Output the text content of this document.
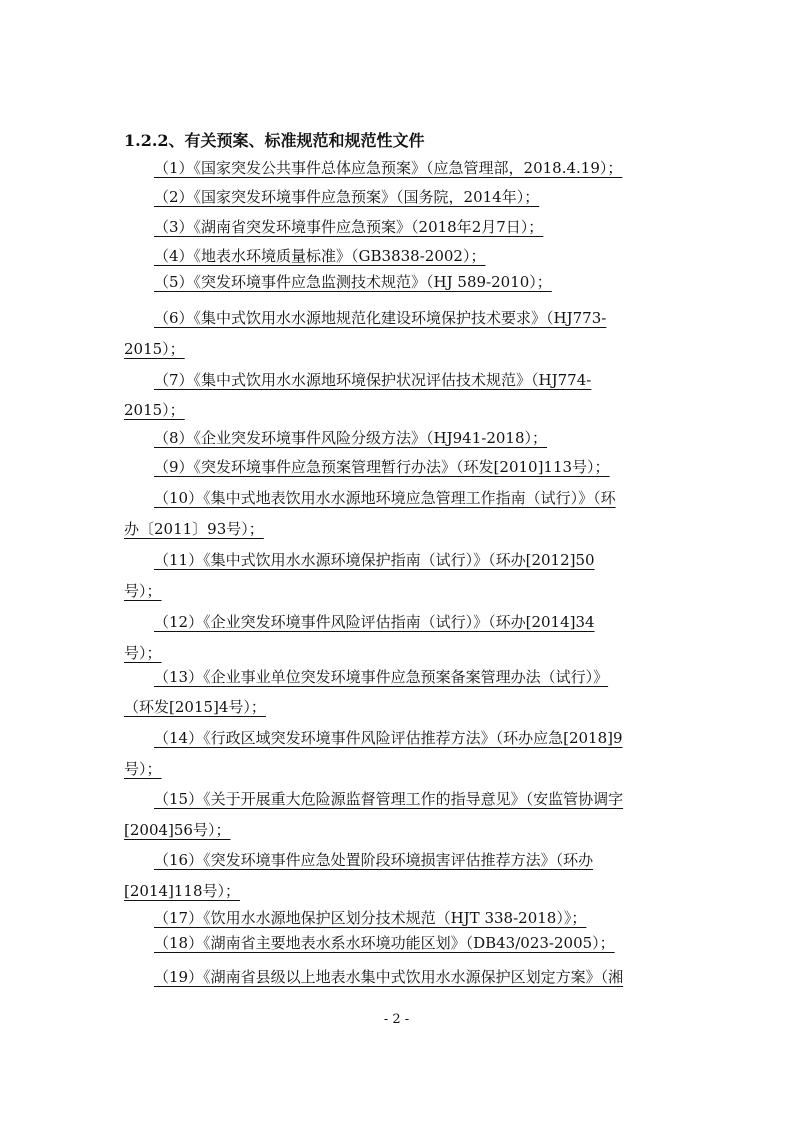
1.2.2、有关预案、标准规范和规范性文件
（1）《国家突发公共事件总体应急预案》（应急管理部，2018.4.19）；
（2）《国家突发环境事件应急预案》（国务院，2014年）；
（3）《湖南省突发环境事件应急预案》（2018年2月7日）；
（4）《地表水环境质量标准》（GB3838-2002）；
（5）《突发环境事件应急监测技术规范》（HJ 589-2010）；
（6）《集中式饮用水水源地规范化建设环境保护技术要求》（HJ773-
2015）；
（7）《集中式饮用水水源地环境保护状况评估技术规范》（HJ774-
2015）；
（8）《企业突发环境事件风险分级方法》（HJ941-2018）；
（9）《突发环境事件应急预案管理暂行办法》（环发[2010]113号）；
（10）《集中式地表饮用水水源地环境应急管理工作指南（试行）》（环
办〔2011〕93号）；
（11）《集中式饮用水水源环境保护指南（试行）》（环办[2012]50
号）；
（12）《企业突发环境事件风险评估指南（试行）》（环办[2014]34
号）；
（13）《企业事业单位突发环境事件应急预案备案管理办法（试行）》
（环发[2015]4号）；
（14）《行政区域突发环境事件风险评估推荐方法》（环办应急[2018]9
号）；
（15）《关于开展重大危险源监督管理工作的指导意见》（安监管协调字
[2004]56号）；
（16）《突发环境事件应急处置阶段环境损害评估推荐方法》（环办
[2014]118号）；
（17）《饮用水水源地保护区划分技术规范（HJT 338-2018）》；
（18）《湖南省主要地表水系水环境功能区划》（DB43/023-2005）；
（19）《湖南省县级以上地表水集中式饮用水水源保护区划定方案》（湘
- 2 -
